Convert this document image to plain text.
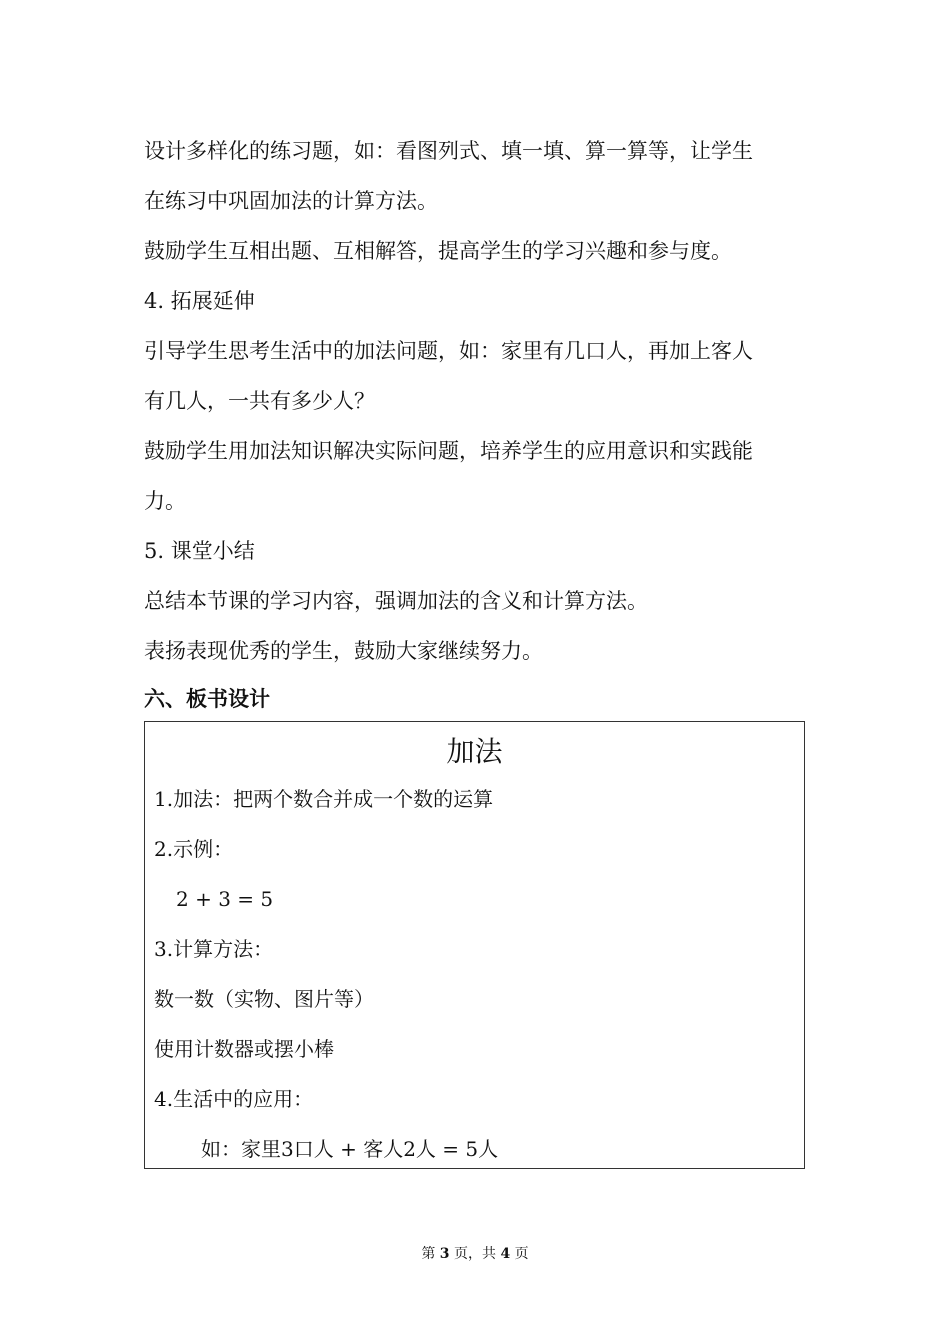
设计多样化的练习题，如：看图列式、填一填、算一算等，让学生
在练习中巩固加法的计算方法。
鼓励学生互相出题、互相解答，提高学生的学习兴趣和参与度。
4. 拓展延伸
引导学生思考生活中的加法问题，如：家里有几口人，再加上客人
有几人，一共有多少人？
鼓励学生用加法知识解决实际问题，培养学生的应用意识和实践能
力。
5. 课堂小结
总结本节课的学习内容，强调加法的含义和计算方法。
表扬表现优秀的学生，鼓励大家继续努力。
六、板书设计
加法
1.加法：把两个数合并成一个数的运算
2.示例：
2 + 3 = 5
3.计算方法：
数一数（实物、图片等）
使用计数器或摆小棒
4.生活中的应用：
如：家里3口人 + 客人2人 = 5人
第 3 页，共 4 页
